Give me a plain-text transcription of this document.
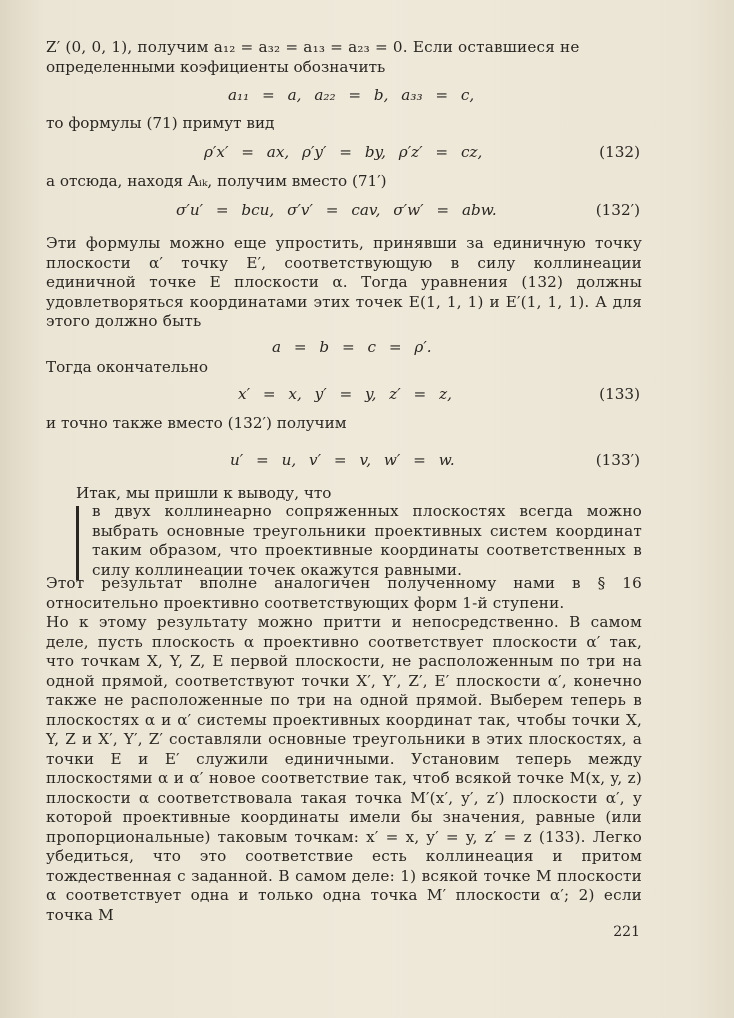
Z′ (0, 0, 1), получим a₁₂ = a₃₂ = a₁₃ = a₂₃ = 0. Если оставшиеся не
определенными коэфициенты обозначить
a₁₁ = a, a₂₂ = b, a₃₃ = c,
то формулы (71) примут вид
ρ′x′ = ax, ρ′y′ = by, ρ′z′ = cz,	(132)
а отсюда, находя Aᵢₖ, получим вместо (71′)
σ′u′ = bcu, σ′v′ = cav, σ′w′ = abw.	(132′)
Эти формулы можно еще упростить, принявши за единичную точку плоскости α′ точку E′, соответствующую в силу коллинеации единичной точке E плоскости α. Тогда уравнения (132) должны удовлетворяться координатами этих точек E(1, 1, 1) и E′(1, 1, 1). А для этого должно быть
a = b = c = ρ′.
Тогда окончательно
x′ = x, y′ = y, z′ = z,	(133)
и точно также вместо (132′) получим
u′ = u, v′ = v, w′ = w.	(133′)
Итак, мы пришли к выводу, что
в двух коллинеарно сопряженных плоскостях всегда можно выбрать основные треугольники проективных систем координат таким образом, что проективные координаты соответственных в силу коллинеации точек окажутся равными.
Этот результат вполне аналогичен полученному нами в § 16 относительно проективно соответствующих форм 1-й ступени.
Но к этому результату можно притти и непосредственно. В самом деле, пусть плоскость α проективно соответствует плоскости α′ так, что точкам X, Y, Z, E первой плоскости, не расположенным по три на одной прямой, соответствуют точки X′, Y′, Z′, E′ плоскости α′, конечно также не расположенные по три на одной прямой. Выберем теперь в плоскостях α и α′ системы проективных координат так, чтобы точки X, Y, Z и X′, Y′, Z′ составляли основные треугольники в этих плоскостях, а точки E и E′ служили единичными. Установим теперь между плоскостями α и α′ новое соответствие так, чтоб всякой точке M(x, y, z) плоскости α соответствовала такая точка M′(x′, y′, z′) плоскости α′, у которой проективные координаты имели бы значения, равные (или пропорциональные) таковым точкам: x′ = x, y′ = y, z′ = z (133). Легко убедиться, что это соответствие есть коллинеация и притом тождественная с заданной. В самом деле: 1) всякой точке M плоскости α соответствует одна и только одна точка M′ плоскости α′; 2) если точка M
221
